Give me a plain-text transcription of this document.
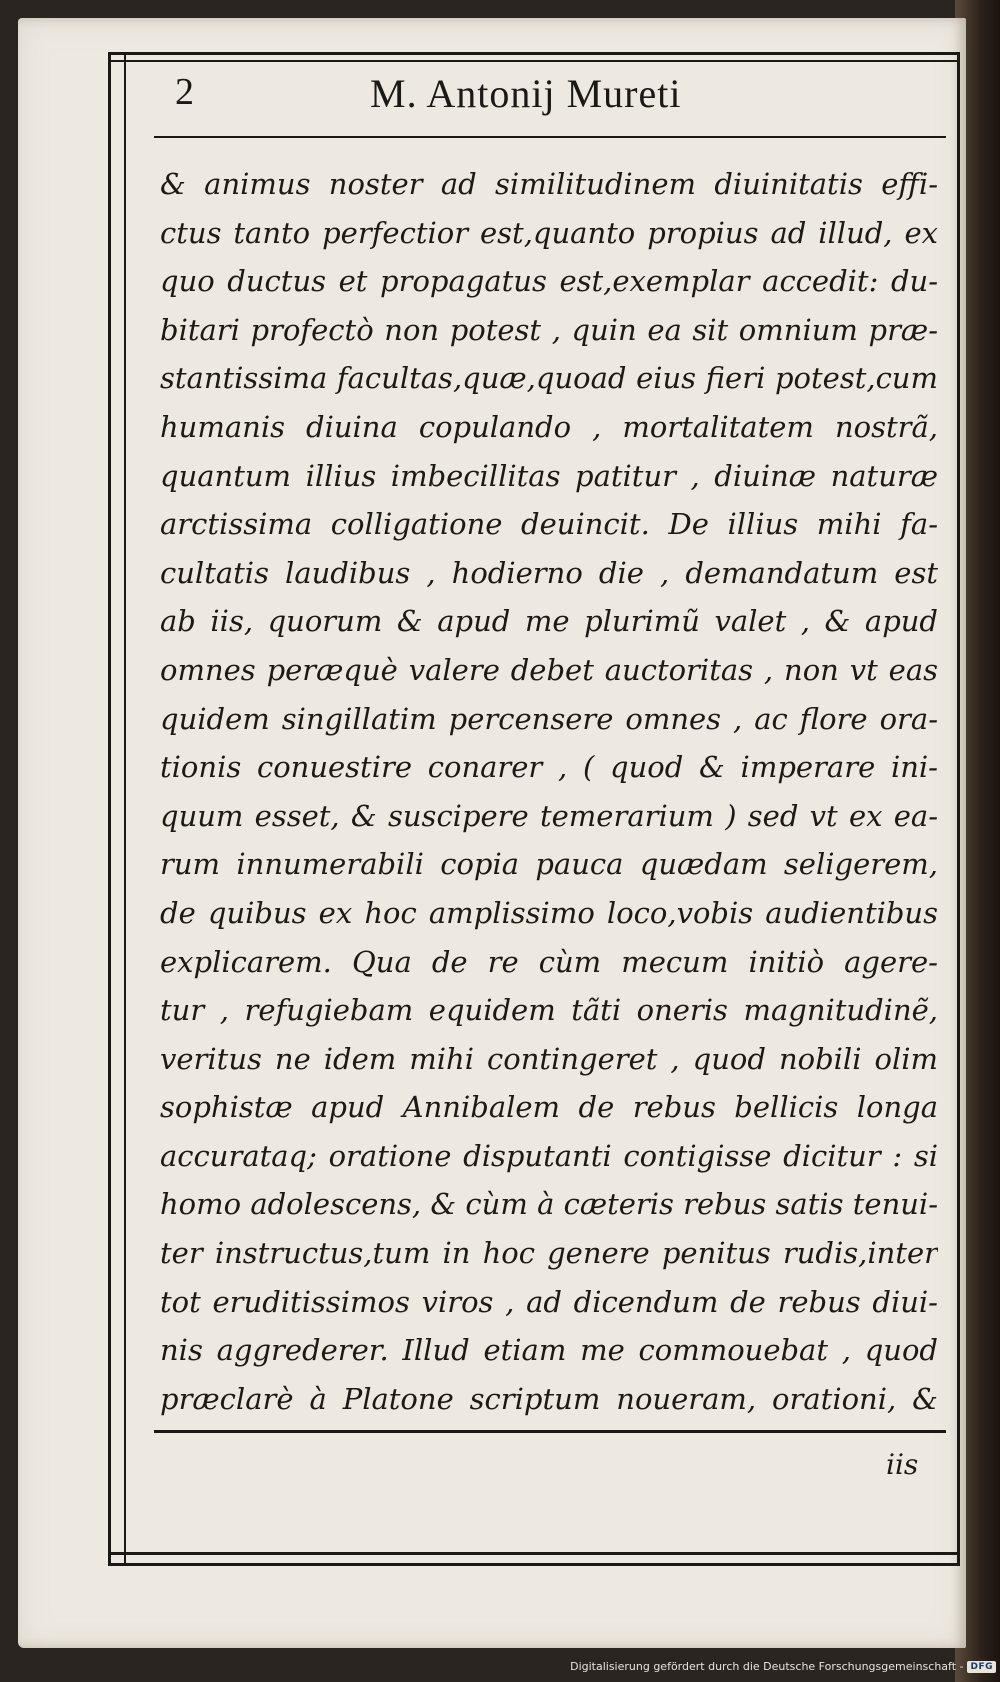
2	M. Antonij Mureti
& animus noster ad similitudinem diuinitatis effi-
ctus tanto perfectior est,quanto propius ad illud, ex
quo ductus et propagatus est,exemplar accedit: du-
bitari profectò non potest , quin ea sit omnium præ-
stantissima facultas,quæ,quoad eius fieri potest,cum
humanis diuina copulando , mortalitatem nostrã,
quantum illius imbecillitas patitur , diuinæ naturæ
arctissima colligatione deuincit. De illius mihi fa-
cultatis laudibus , hodierno die , demandatum est
ab iis, quorum & apud me plurimũ valet , & apud
omnes peræquè valere debet auctoritas , non vt eas
quidem singillatim percensere omnes , ac flore ora-
tionis conuestire conarer , ( quod & imperare ini-
quum esset, & suscipere temerarium ) sed vt ex ea-
rum innumerabili copia pauca quædam seligerem,
de quibus ex hoc amplissimo loco,vobis audientibus
explicarem. Qua de re cùm mecum initiò agere-
tur , refugiebam equidem tãti oneris magnitudinẽ,
veritus ne idem mihi contingeret , quod nobili olim
sophistæ apud Annibalem de rebus bellicis longa
accurataq; oratione disputanti contigisse dicitur : si
homo adolescens, & cùm à cæteris rebus satis tenui-
ter instructus,tum in hoc genere penitus rudis,inter
tot eruditissimos viros , ad dicendum de rebus diui-
nis aggrederer. Illud etiam me commouebat , quod
præclarè à Platone scriptum noueram, orationi, &
iis
Digitalisierung gefördert durch die Deutsche Forschungsgemeinschaft - DFG
